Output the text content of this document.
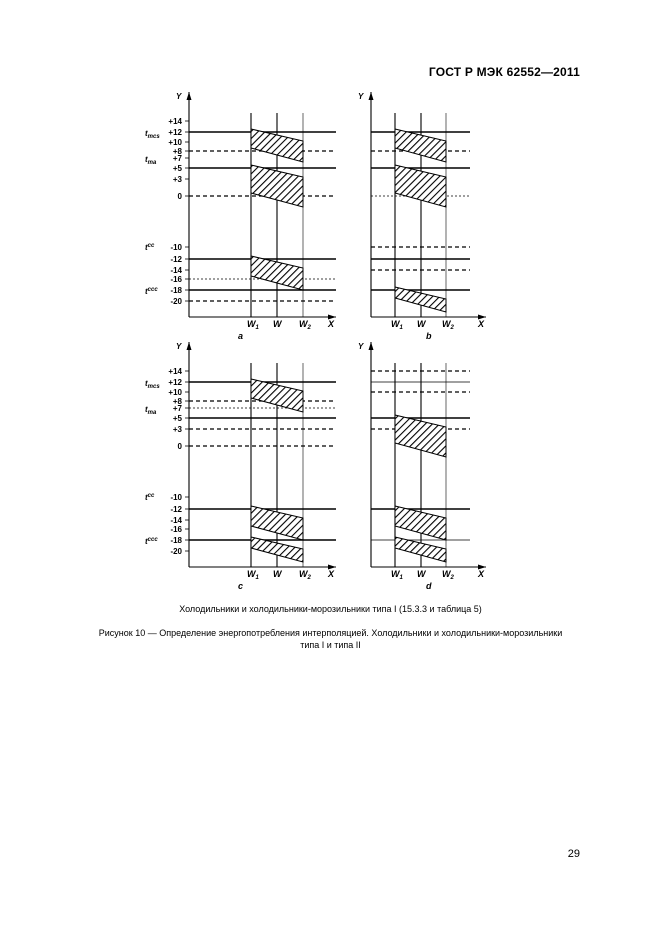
ГОСТ Р МЭК 62552—2011
Y
+14
+12
+10
+8
+7
+5
+3
0
-10
-12
-14
-16
-18
-20
$t_{mcs}$
$t_{ma}$
$t^{cc}$
$t^{ccc}$
$W_1$ W $W_2$ X
a
Y
$W_1$ W $W_2$	X
b
Y
+14
+12
+10
+8
+7
+5
+3
0
-10
-12
-14
-16
-18
-20
$t_{mcs}$
$t_{ma}$
$t^{cc}$
$t^{ccc}$
$W_1$ W $W_2$ X
c
Y
$W_1$ W $W_2$	X
d
Холодильники и холодильники-морозильники типа I (15.3.3 и таблица 5)
Рисунок 10 — Определение энергопотребления интерполяцией. Холодильники и холодильники-морозильники
типа I и типа II
29
